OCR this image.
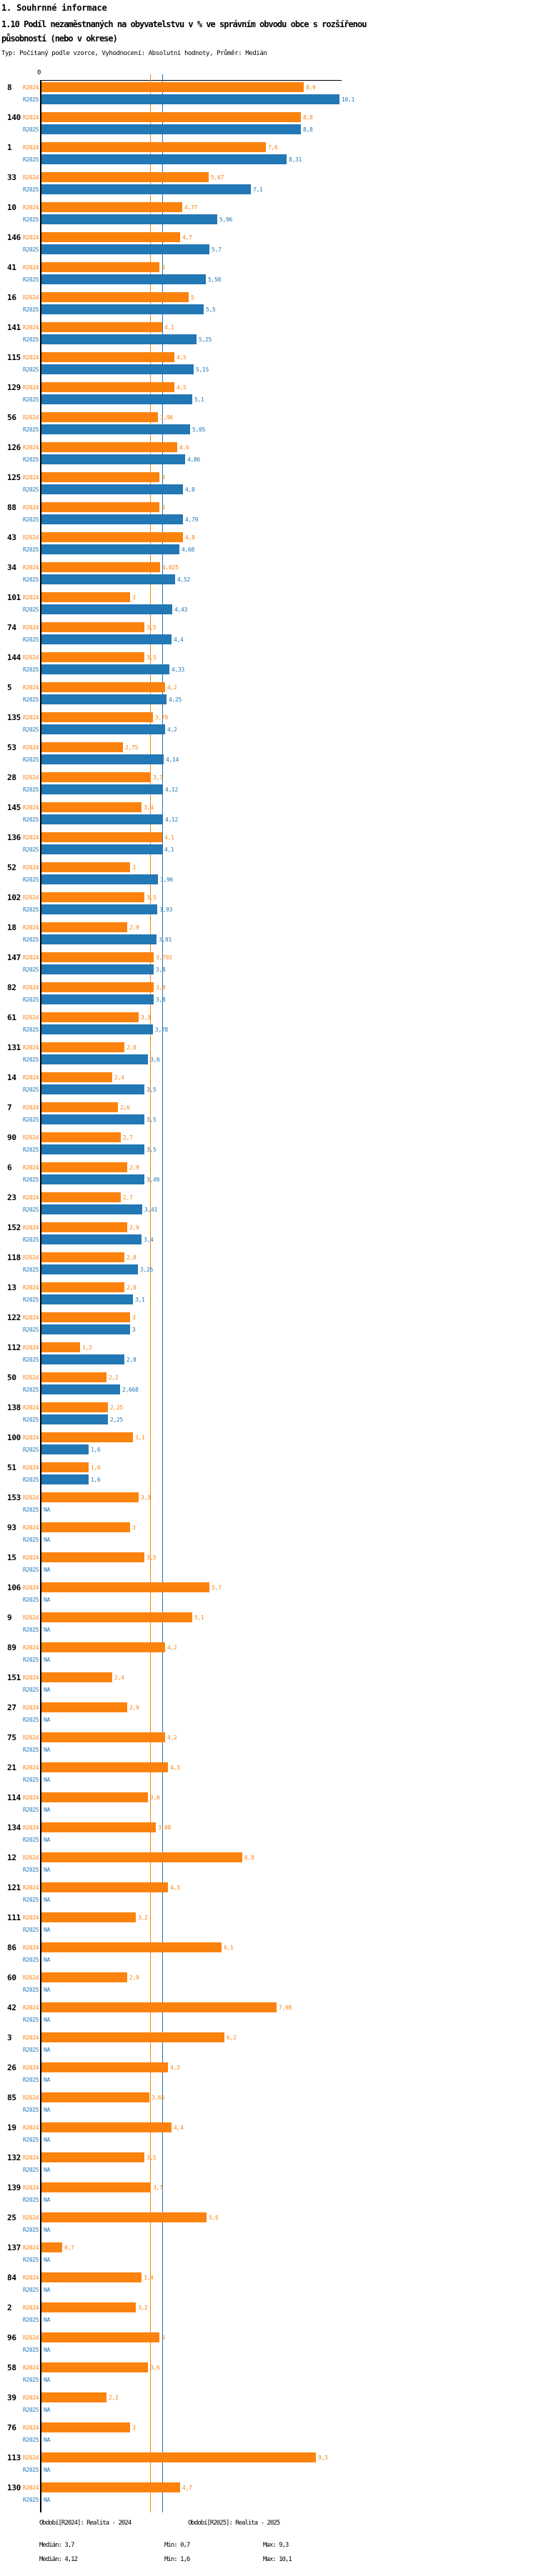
1. Souhrnné informace
1.10 Podíl nezaměstnaných na obyvatelstvu v % ve správním obvodu obce s rozšířenou působností (nebo v okrese)
Typ: Počítaný podle vzorce, Vyhodnocení: Absolutní hodnoty, Průměr: Medián
0
8 R2024	8,9
R2025	10,1
140 R2024	8,8
R2025	8,8
1 R2024	7,6
R2025	8,31
33 R2024	5,67
R2025	7,1
10 R2024	4,77
R2025	5,96
146 R2024	4,7
R2025	5,7
41 R2024	4
R2025	5,58
16 R2024	5
R2025	5,5
141 R2024	4,1
R2025	5,25
115 R2024	4,5
R2025	5,15
129 R2024	4,5
R2025	5,1
56 R2024	3,96
R2025	5,05
126 R2024	4,6
R2025	4,86
125 R2024	4
R2025	4,8
88 R2024	4
R2025	4,79
43 R2024	4,8
R2025	4,68
34 R2024	4,025
R2025	4,52
101 R2024	3
R2025	4,43
74 R2024	3,5
R2025	4,4
144 R2024	3,5
R2025	4,33
5 R2024	4,2
R2025	4,25
135 R2024	3,79
R2025	4,2
53 R2024	2,75
R2025	4,14
28 R2024	3,7
R2025	4,12
145 R2024	3,4
R2025	4,12
136 R2024	4,1
R2025	4,1
52 R2024	3
R2025	3,96
102 R2024	3,5
R2025	3,93
18 R2024	2,9
R2025	3,91
147 R2024	3,792
R2025	3,8
82 R2024	3,8
R2025	3,8
61 R2024	3,3
R2025	3,78
131 R2024	2,8
R2025	3,6
14 R2024	2,4
R2025	3,5
7 R2024	2,6
R2025	3,5
90 R2024	2,7
R2025	3,5
6 R2024	2,9
R2025	3,49
23 R2024	2,7
R2025	3,41
152 R2024	2,9
R2025	3,4
118 R2024	2,8
R2025	3,26
13 R2024	2,8
R2025	3,1
122 R2024	3
R2025	3
112 R2024	1,3
R2025	2,8
50 R2024	2,2
R2025	2,668
138 R2024	2,25
R2025	2,25
100 R2024	3,1
R2025	1,6
51 R2024	1,6
R2025	1,6
153 R2024	3,3
R2025 NA
93 R2024	3
R2025 NA
15 R2024	3,5
R2025 NA
106 R2024	5,7
R2025 NA
9 R2024	5,1
R2025 NA
89 R2024	4,2
R2025 NA
151 R2024	2,4
R2025 NA
27 R2024	2,9
R2025 NA
75 R2024	4,2
R2025 NA
21 R2024	4,3
R2025 NA
114 R2024	3,6
R2025 NA
134 R2024	3,88
R2025 NA
12 R2024	6,8
R2025 NA
121 R2024	4,3
R2025 NA
111 R2024	3,2
R2025 NA
86 R2024	6,1
R2025 NA
60 R2024	2,9
R2025 NA
42 R2024	7,98
R2025 NA
3 R2024	6,2
R2025 NA
26 R2024	4,3
R2025 NA
85 R2024	3,65
R2025 NA
19 R2024	4,4
R2025 NA
132 R2024	3,5
R2025 NA
139 R2024	3,7
R2025 NA
25 R2024	5,6
R2025 NA
137 R2024	0,7
R2025 NA
84 R2024	3,4
R2025 NA
2 R2024	3,2
R2025 NA
96 R2024	4
R2025 NA
58 R2024	3,6
R2025 NA
39 R2024	2,2
R2025 NA
76 R2024	3
R2025 NA
113 R2024	9,3
R2025 NA
130 R2024	4,7
R2025 NA
Období[R2024]: Realita - 2024	Období[R2025]: Realita - 2025
Medián: 3,7	Min: 0,7	Max: 9,3
Medián: 4,12	Min: 1,6	Max: 10,1
